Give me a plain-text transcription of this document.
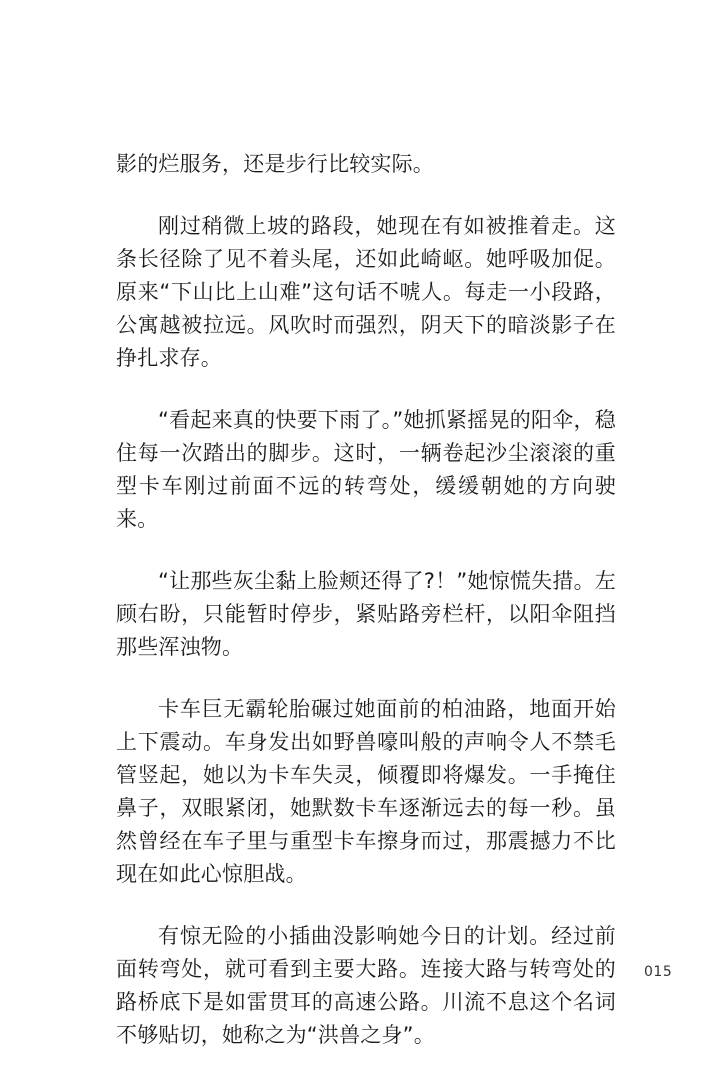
影的烂服务，还是步行比较实际。

刚过稍微上坡的路段，她现在有如被推着走。这条长径除了见不着头尾，还如此崎岖。她呼吸加促。原来“下山比上山难”这句话不唬人。每走一小段路，公寓越被拉远。风吹时而强烈，阴天下的暗淡影子在挣扎求存。

“看起来真的快要下雨了。”她抓紧摇晃的阳伞，稳住每一次踏出的脚步。这时，一辆卷起沙尘滚滚的重型卡车刚过前面不远的转弯处，缓缓朝她的方向驶来。

“让那些灰尘黏上脸颊还得了?！”她惊慌失措。左顾右盼，只能暂时停步，紧贴路旁栏杆，以阳伞阻挡那些浑浊物。

卡车巨无霸轮胎碾过她面前的柏油路，地面开始上下震动。车身发出如野兽嚎叫般的声响令人不禁毛管竖起，她以为卡车失灵，倾覆即将爆发。一手掩住鼻子，双眼紧闭，她默数卡车逐渐远去的每一秒。虽然曾经在车子里与重型卡车擦身而过，那震撼力不比现在如此心惊胆战。

有惊无险的小插曲没影响她今日的计划。经过前面转弯处，就可看到主要大路。连接大路与转弯处的路桥底下是如雷贯耳的高速公路。川流不息这个名词不够贴切，她称之为“洪兽之身”。

015
